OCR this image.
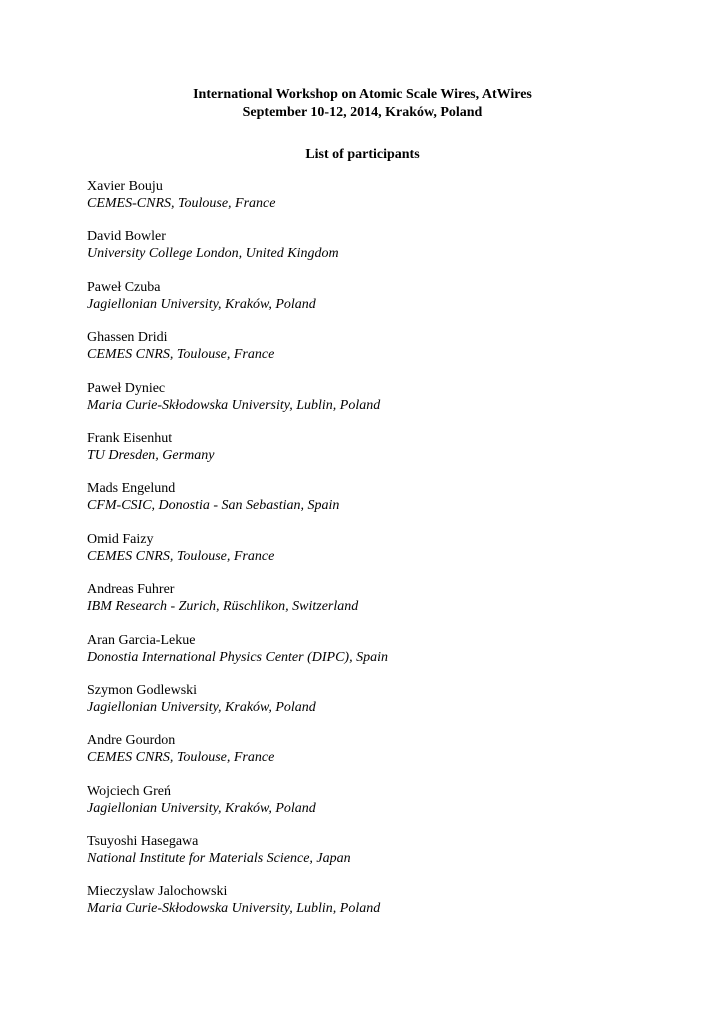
International Workshop on Atomic Scale Wires, AtWires
September 10-12, 2014, Kraków, Poland
List of participants
Xavier Bouju
CEMES-CNRS, Toulouse, France
David Bowler
University College London, United Kingdom
Paweł Czuba
Jagiellonian University, Kraków, Poland
Ghassen Dridi
CEMES CNRS, Toulouse, France
Paweł Dyniec
Maria Curie-Skłodowska University, Lublin, Poland
Frank Eisenhut
TU Dresden, Germany
Mads Engelund
CFM-CSIC, Donostia - San Sebastian, Spain
Omid Faizy
CEMES CNRS, Toulouse, France
Andreas Fuhrer
IBM Research - Zurich, Rüschlikon, Switzerland
Aran Garcia-Lekue
Donostia International Physics Center (DIPC), Spain
Szymon Godlewski
Jagiellonian University, Kraków, Poland
Andre Gourdon
CEMES CNRS, Toulouse, France
Wojciech Greń
Jagiellonian University, Kraków, Poland
Tsuyoshi Hasegawa
National Institute for Materials Science, Japan
Mieczyslaw Jalochowski
Maria Curie-Skłodowska University, Lublin, Poland
